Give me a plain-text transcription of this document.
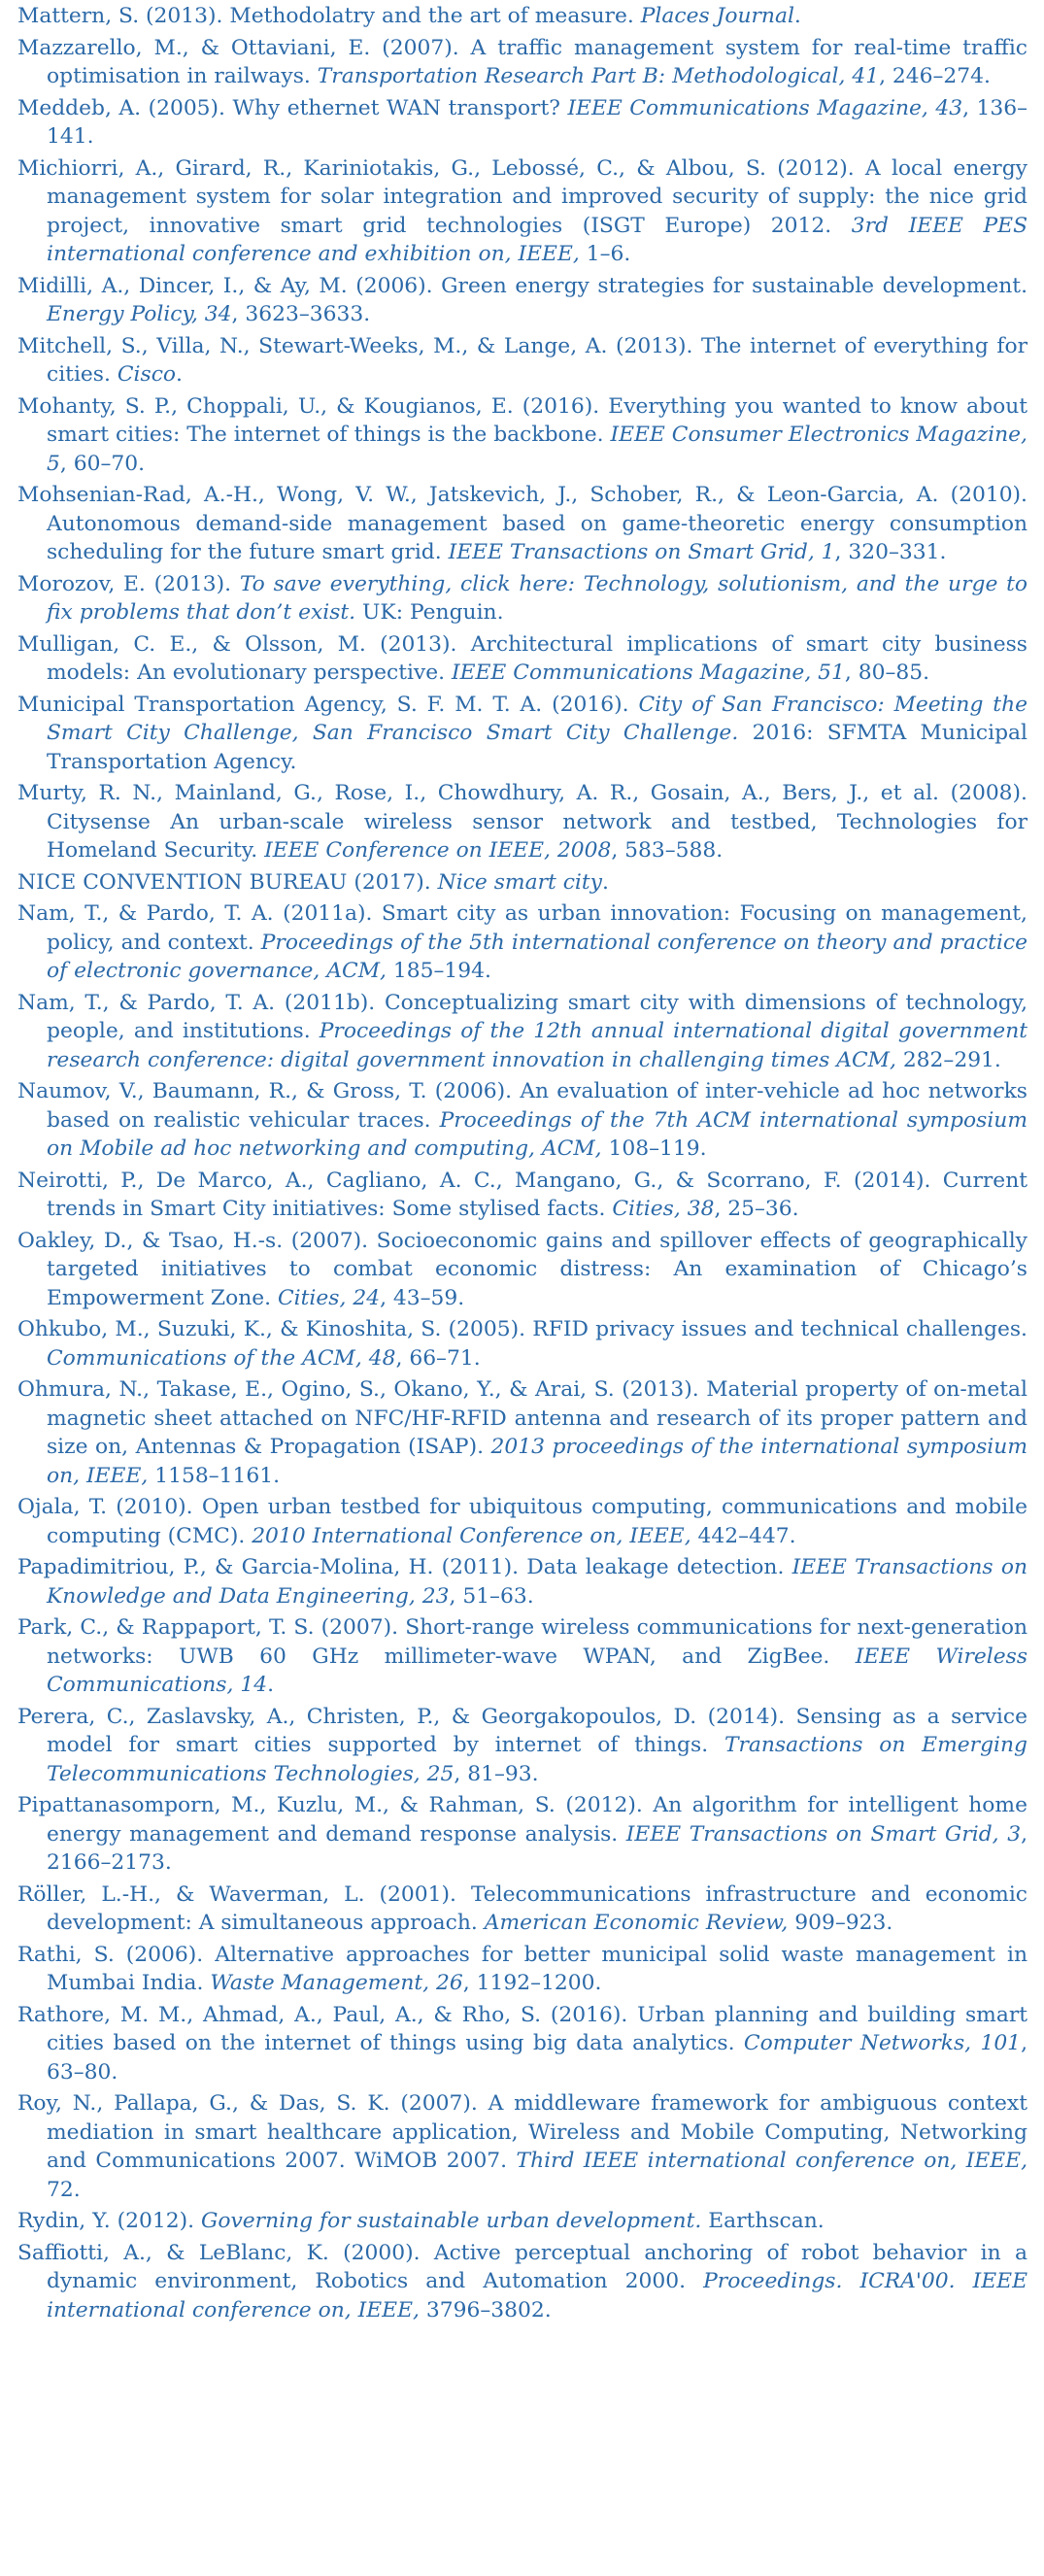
Mattern, S. (2013). Methodolatry and the art of measure. Places Journal.

Mazzarello, M., & Ottaviani, E. (2007). A traffic management system for real-time traffic optimisation in railways. Transportation Research Part B: Methodological, 41, 246–274.

Meddeb, A. (2005). Why ethernet WAN transport? IEEE Communications Magazine, 43, 136–141.

Michiorri, A., Girard, R., Kariniotakis, G., Lebossé, C., & Albou, S. (2012). A local energy management system for solar integration and improved security of supply: the nice grid project, innovative smart grid technologies (ISGT Europe) 2012. 3rd IEEE PES international conference and exhibition on, IEEE, 1–6.

Midilli, A., Dincer, I., & Ay, M. (2006). Green energy strategies for sustainable development. Energy Policy, 34, 3623–3633.

Mitchell, S., Villa, N., Stewart-Weeks, M., & Lange, A. (2013). The internet of everything for cities. Cisco.

Mohanty, S. P., Choppali, U., & Kougianos, E. (2016). Everything you wanted to know about smart cities: The internet of things is the backbone. IEEE Consumer Electronics Magazine, 5, 60–70.

Mohsenian-Rad, A.-H., Wong, V. W., Jatskevich, J., Schober, R., & Leon-Garcia, A. (2010). Autonomous demand-side management based on game-theoretic energy consumption scheduling for the future smart grid. IEEE Transactions on Smart Grid, 1, 320–331.

Morozov, E. (2013). To save everything, click here: Technology, solutionism, and the urge to fix problems that don’t exist. UK: Penguin.

Mulligan, C. E., & Olsson, M. (2013). Architectural implications of smart city business models: An evolutionary perspective. IEEE Communications Magazine, 51, 80–85.

Municipal Transportation Agency, S. F. M. T. A. (2016). City of San Francisco: Meeting the Smart City Challenge, San Francisco Smart City Challenge. 2016: SFMTA Municipal Transportation Agency.

Murty, R. N., Mainland, G., Rose, I., Chowdhury, A. R., Gosain, A., Bers, J., et al. (2008). Citysense An urban-scale wireless sensor network and testbed, Technologies for Homeland Security. IEEE Conference on IEEE, 2008, 583–588.

NICE CONVENTION BUREAU (2017). Nice smart city.

Nam, T., & Pardo, T. A. (2011a). Smart city as urban innovation: Focusing on management, policy, and context. Proceedings of the 5th international conference on theory and practice of electronic governance, ACM, 185–194.

Nam, T., & Pardo, T. A. (2011b). Conceptualizing smart city with dimensions of technology, people, and institutions. Proceedings of the 12th annual international digital government research conference: digital government innovation in challenging times ACM, 282–291.

Naumov, V., Baumann, R., & Gross, T. (2006). An evaluation of inter-vehicle ad hoc networks based on realistic vehicular traces. Proceedings of the 7th ACM international symposium on Mobile ad hoc networking and computing, ACM, 108–119.

Neirotti, P., De Marco, A., Cagliano, A. C., Mangano, G., & Scorrano, F. (2014). Current trends in Smart City initiatives: Some stylised facts. Cities, 38, 25–36.

Oakley, D., & Tsao, H.-s. (2007). Socioeconomic gains and spillover effects of geographically targeted initiatives to combat economic distress: An examination of Chicago’s Empowerment Zone. Cities, 24, 43–59.

Ohkubo, M., Suzuki, K., & Kinoshita, S. (2005). RFID privacy issues and technical challenges. Communications of the ACM, 48, 66–71.

Ohmura, N., Takase, E., Ogino, S., Okano, Y., & Arai, S. (2013). Material property of on-metal magnetic sheet attached on NFC/HF-RFID antenna and research of its proper pattern and size on, Antennas & Propagation (ISAP). 2013 proceedings of the international symposium on, IEEE, 1158–1161.

Ojala, T. (2010). Open urban testbed for ubiquitous computing, communications and mobile computing (CMC). 2010 International Conference on, IEEE, 442–447.

Papadimitriou, P., & Garcia-Molina, H. (2011). Data leakage detection. IEEE Transactions on Knowledge and Data Engineering, 23, 51–63.

Park, C., & Rappaport, T. S. (2007). Short-range wireless communications for next-generation networks: UWB 60 GHz millimeter-wave WPAN, and ZigBee. IEEE Wireless Communications, 14.

Perera, C., Zaslavsky, A., Christen, P., & Georgakopoulos, D. (2014). Sensing as a service model for smart cities supported by internet of things. Transactions on Emerging Telecommunications Technologies, 25, 81–93.

Pipattanasomporn, M., Kuzlu, M., & Rahman, S. (2012). An algorithm for intelligent home energy management and demand response analysis. IEEE Transactions on Smart Grid, 3, 2166–2173.

Röller, L.-H., & Waverman, L. (2001). Telecommunications infrastructure and economic development: A simultaneous approach. American Economic Review, 909–923.

Rathi, S. (2006). Alternative approaches for better municipal solid waste management in Mumbai India. Waste Management, 26, 1192–1200.

Rathore, M. M., Ahmad, A., Paul, A., & Rho, S. (2016). Urban planning and building smart cities based on the internet of things using big data analytics. Computer Networks, 101, 63–80.

Roy, N., Pallapa, G., & Das, S. K. (2007). A middleware framework for ambiguous context mediation in smart healthcare application, Wireless and Mobile Computing, Networking and Communications 2007. WiMOB 2007. Third IEEE international conference on, IEEE, 72.

Rydin, Y. (2012). Governing for sustainable urban development. Earthscan.

Saffiotti, A., & LeBlanc, K. (2000). Active perceptual anchoring of robot behavior in a dynamic environment, Robotics and Automation 2000. Proceedings. ICRA'00. IEEE international conference on, IEEE, 3796–3802.
